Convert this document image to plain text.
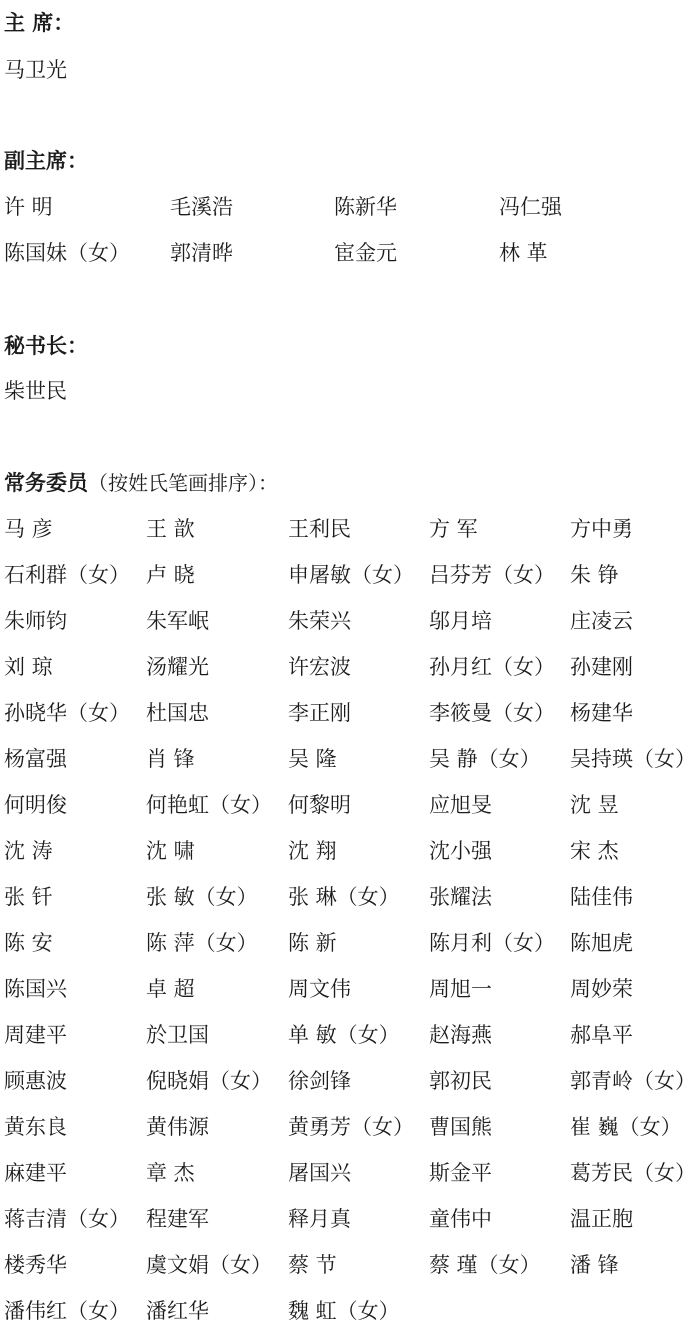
主 席：
副主席：
秘书长：
常务委员（按姓氏笔画排序）：
马卫光
许 明	毛溪浩	陈新华	冯仁强
陈国妹（女） 郭清晔	宦金元	林 革
柴世民
马 彦	王 歆	王利民	方 军	方中勇
石利群（女） 卢 晓	申屠敏（女） 吕芬芳（女） 朱 铮
朱师钧	朱军岷	朱荣兴	邬月培	庄凌云
刘 琼	汤耀光	许宏波	孙月红（女） 孙建刚
孙晓华（女） 杜国忠	李正刚	李筱曼（女） 杨建华
杨富强	肖 锋	吴 隆	吴 静（女） 吴持瑛（女）
何明俊	何艳虹（女） 何黎明	应旭旻	沈 昱
沈 涛	沈 啸	沈 翔	沈小强	宋 杰
张 钎	张 敏（女） 张 琳（女） 张耀法	陆佳伟
陈 安	陈 萍（女） 陈 新	陈月利（女） 陈旭虎
陈国兴	卓 超	周文伟	周旭一	周妙荣
周建平	於卫国	单 敏（女） 赵海燕	郝阜平
顾惠波	倪晓娟（女） 徐剑锋	郭初民	郭青岭（女）
黄东良	黄伟源	黄勇芳（女） 曹国熊	崔 巍（女）
麻建平	章 杰	屠国兴	斯金平	葛芳民（女）
蒋吉清（女） 程建军	释月真	童伟中	温正胞
楼秀华	虞文娟（女） 蔡 节	蔡 瑾（女） 潘 锋
潘伟红（女） 潘红华	魏 虹（女）
